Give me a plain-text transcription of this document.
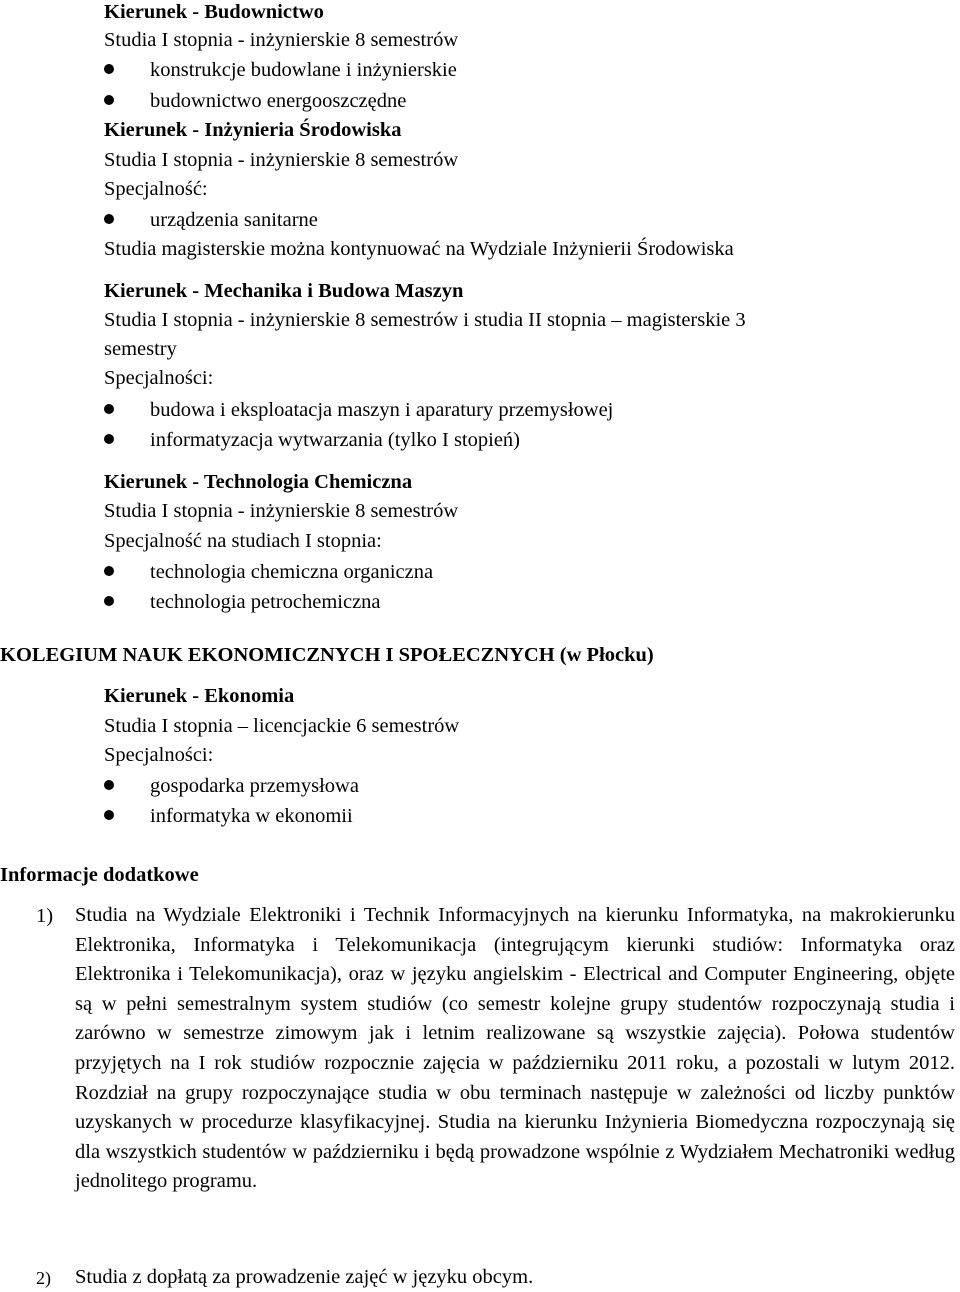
Kierunek - Budownictwo
Studia I stopnia - inżynierskie 8 semestrów
konstrukcje budowlane i inżynierskie
budownictwo energooszczędne
Kierunek - Inżynieria Środowiska
Studia I stopnia - inżynierskie 8 semestrów
Specjalność:
urządzenia sanitarne
Studia magisterskie można kontynuować na Wydziale Inżynierii Środowiska
Kierunek - Mechanika i Budowa Maszyn
Studia I stopnia - inżynierskie 8 semestrów i studia II stopnia – magisterskie 3
semestry
Specjalności:
budowa i eksploatacja maszyn i aparatury przemysłowej
informatyzacja wytwarzania (tylko I stopień)
Kierunek - Technologia Chemiczna
Studia I stopnia - inżynierskie 8 semestrów
Specjalność na studiach I stopnia:
technologia chemiczna organiczna
technologia petrochemiczna
KOLEGIUM NAUK EKONOMICZNYCH I SPOŁECZNYCH (w Płocku)
Kierunek - Ekonomia
Studia I stopnia – licencjackie 6 semestrów
Specjalności:
gospodarka przemysłowa
informatyka w ekonomii
Informacje dodatkowe
1) Studia na Wydziale Elektroniki i Technik Informacyjnych na kierunku Informatyka, na makrokierunku Elektronika, Informatyka i Telekomunikacja (integrującym kierunki studiów: Informatyka oraz Elektronika i Telekomunikacja), oraz w języku angielskim - Electrical and Computer Engineering, objęte są w pełni semestralnym system studiów (co semestr kolejne grupy studentów rozpoczynają studia i zarówno w semestrze zimowym jak i letnim realizowane są wszystkie zajęcia). Połowa studentów przyjętych na I rok studiów rozpocznie zajęcia w październiku 2011 roku, a pozostali w lutym 2012. Rozdział na grupy rozpoczynające studia w obu terminach następuje w zależności od liczby punktów uzyskanych w procedurze klasyfikacyjnej. Studia na kierunku Inżynieria Biomedyczna rozpoczynają się dla wszystkich studentów w październiku i będą prowadzone wspólnie z Wydziałem Mechatroniki według jednolitego programu.
2) Studia z dopłatą za prowadzenie zajęć w języku obcym.
